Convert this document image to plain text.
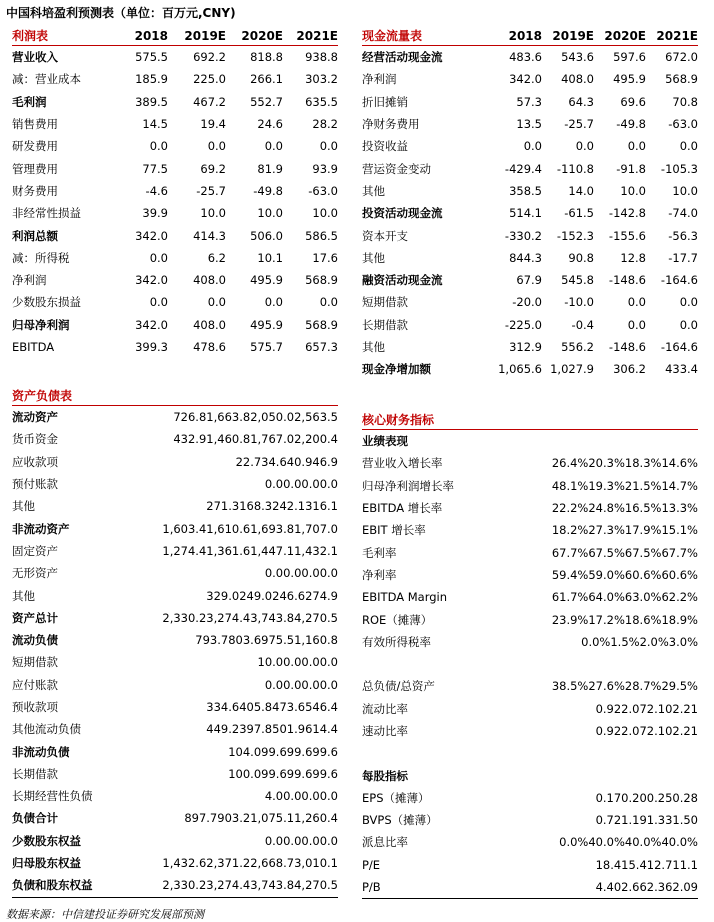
中国科培盈利预测表（单位：百万元,CNY)
利润表	2018	2019E	2020E	2021E
营业收入	575.5	692.2	818.8	938.8
减：营业成本	185.9	225.0	266.1	303.2
毛利润	389.5	467.2	552.7	635.5
销售费用	14.5	19.4	24.6	28.2
研发费用	0.0	0.0	0.0	0.0
管理费用	77.5	69.2	81.9	93.9
财务费用	-4.6	-25.7	-49.8	-63.0
非经常性损益	39.9	10.0	10.0	10.0
利润总额	342.0	414.3	506.0	586.5
减：所得税	0.0	6.2	10.1	17.6
净利润	342.0	408.0	495.9	568.9
少数股东损益	0.0	0.0	0.0	0.0
归母净利润	342.0	408.0	495.9	568.9
EBITDA	399.3	478.6	575.7	657.3
资产负债表
流动资产	726.8 1,663.8 2,050.0 2,563.5
货币资金	432.9 1,460.8 1,767.0 2,200.4
应收款项	22.7 34.6 40.9 46.9
预付账款	0.0 0.0 0.0 0.0
其他	271.3 168.3 242.1 316.1
非流动资产	1,603.4 1,610.6 1,693.8 1,707.0
固定资产	1,274.4 1,361.6 1,447.1 1,432.1
无形资产	0.0 0.0 0.0 0.0
其他	329.0 249.0 246.6 274.9
资产总计	2,330.2 3,274.4 3,743.8 4,270.5
流动负债	793.7 803.6 975.5 1,160.8
短期借款	10.0 0.0 0.0 0.0
应付账款	0.0 0.0 0.0 0.0
预收款项	334.6 405.8 473.6 546.4
其他流动负债	449.2 397.8 501.9 614.4
非流动负债	104.0 99.6 99.6 99.6
长期借款	100.0 99.6 99.6 99.6
长期经营性负债	4.0 0.0 0.0 0.0
负债合计	897.7 903.2 1,075.1 1,260.4
少数股东权益	0.0 0.0 0.0 0.0
归母股东权益	1,432.6 2,371.2 2,668.7 3,010.1
负债和股东权益	2,330.2 3,274.4 3,743.8 4,270.5
现金流量表	2018 2019E 2020E 2021E
经营活动现金流	483.6	543.6	597.6	672.0
净利润	342.0	408.0	495.9	568.9
折旧摊销	57.3	64.3	69.6	70.8
净财务费用	13.5	-25.7	-49.8	-63.0
投资收益	0.0	0.0	0.0	0.0
营运资金变动	-429.4	-110.8	-91.8	-105.3
其他	358.5	14.0	10.0	10.0
投资活动现金流	514.1	-61.5	-142.8	-74.0
资本开支	-330.2	-152.3	-155.6	-56.3
其他	844.3	90.8	12.8	-17.7
融资活动现金流	67.9	545.8	-148.6	-164.6
短期借款	-20.0	-10.0	0.0	0.0
长期借款	-225.0	-0.4	0.0	0.0
其他	312.9	556.2	-148.6	-164.6
现金净增加额	1,065.6 1,027.9	306.2	433.4
核心财务指标
业绩表现
营业收入增长率	26.4% 20.3% 18.3% 14.6%
归母净利润增长率	48.1% 19.3% 21.5% 14.7%
EBITDA 增长率	22.2% 24.8% 16.5% 13.3%
EBIT 增长率	18.2% 27.3% 17.9% 15.1%
毛利率	67.7% 67.5% 67.5% 67.7%
净利率	59.4% 59.0% 60.6% 60.6%
EBITDA Margin	61.7% 64.0% 63.0% 62.2%
ROE（摊薄）	23.9% 17.2% 18.6% 18.9%
有效所得税率	0.0% 1.5% 2.0% 3.0%
总负债/总资产	38.5% 27.6% 28.7% 29.5%
流动比率	0.92 2.07 2.10 2.21
速动比率	0.92 2.07 2.10 2.21
每股指标
EPS（摊薄）	0.17 0.20 0.25 0.28
BVPS（摊薄）	0.72 1.19 1.33 1.50
派息比率	0.0% 40.0% 40.0% 40.0%
P/E	18.4 15.4 12.7 11.1
P/B	4.40 2.66 2.36 2.09
数据来源：中信建投证券研究发展部预测
